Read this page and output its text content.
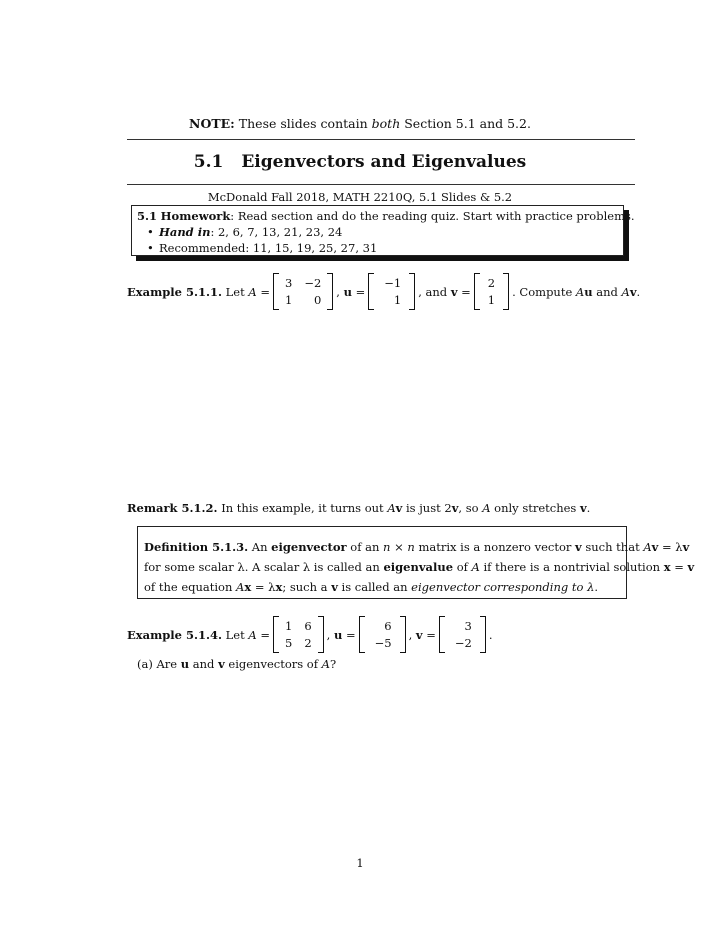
NOTE: These slides contain both Section 5.1 and 5.2.
5.1 Eigenvectors and Eigenvalues
McDonald Fall 2018, MATH 2210Q, 5.1 Slides & 5.2
5.1 Homework: Read section and do the reading quiz. Start with practice problems.
• Hand in: 2, 6, 7, 13, 21, 23, 24
• Recommended: 11, 15, 19, 25, 27, 31
Example 5.1.1.
Let
A =
3 −2
1	0
, u =
−1
1
, and
v =
2
1
. Compute
A u
and
A v .
Remark 5.1.2. In this example, it turns out Av is just 2v, so A only stretches v.
Definition 5.1.3. An eigenvector of an n × n matrix is a nonzero vector v such that Av = λv
for some scalar λ. A scalar λ is called an eigenvalue of A if there is a nontrivial solution x = v
of the equation Ax = λx; such a v is called an eigenvector corresponding to λ.
Example 5.1.4.
Let
A =
1 6
5 2
, u =
6
−5
, v =
3
−2
.
(a) Are u and v eigenvectors of A?
1
